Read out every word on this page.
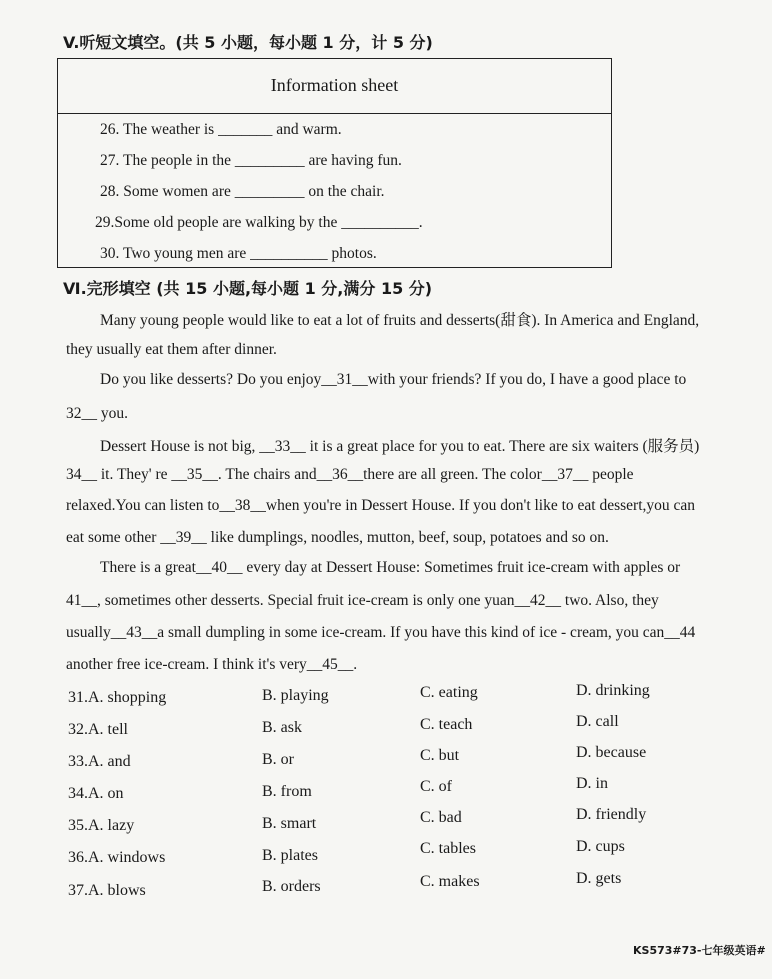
V.听短文填空。(共 5 小题，每小题 1 分，计 5 分)
Information sheet
26. The weather is _______ and warm.
27. The people in the _________ are having fun.
28. Some women are _________ on the chair.
29.Some old people are walking by the __________.
30. Two young men are __________ photos.
Ⅵ.完形填空 (共 15 小题,每小题 1 分,满分 15 分)
Many young people would like to eat a lot of fruits and desserts(甜食). In America and England,
they usually eat them after dinner.
Do you like desserts? Do you enjoy__31__with your friends? If you do, I have a good place to
32__ you.
Dessert House is not big, __33__ it is a great place for you to eat. There are six waiters (服务员)
34__ it. They' re __35__. The chairs and__36__there are all green. The color__37__ people
relaxed.You can listen to__38__when you're in Dessert House. If you don't like to eat dessert,you can
eat some other __39__ like dumplings, noodles, mutton, beef, soup, potatoes and so on.
There is a great__40__ every day at Dessert House: Sometimes fruit ice-cream with apples or
41__, sometimes other desserts. Special fruit ice-cream is only one yuan__42__ two. Also, they
usually__43__a small dumpling in some ice-cream. If you have this kind of ice - cream, you can__44
another free ice-cream. I think it's very__45__.
31.A. shopping	B. playing	C. eating	D. drinking
32.A. tell	B. ask	C. teach	D. call
33.A. and	B. or	C. but	D. because
34.A. on	B. from	C. of	D. in
35.A. lazy	B. smart	C. bad	D. friendly
36.A. windows	B. plates	C. tables	D. cups
37.A. blows	B. orders	C. makes	D. gets
KS573#73-七年级英语#
